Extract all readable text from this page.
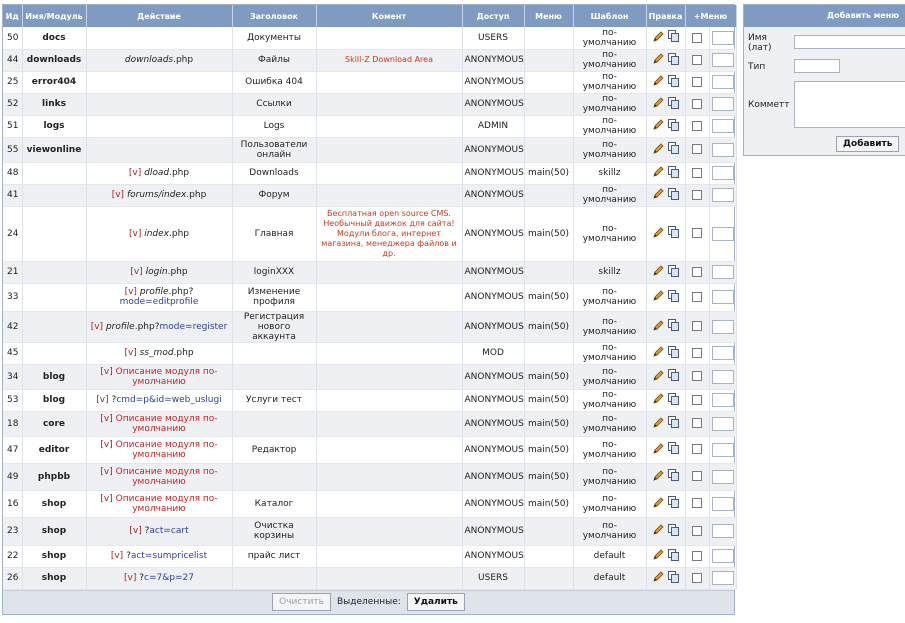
Ид	Имя/Модуль	Действие	Заголовок	Комент	Доступ	Меню	Шаблон	Правка	+Меню	
50	docs		Документы		USERS		по-умолчанию	

44	downloads	downloads.php	Файлы	Skill-Z Download Area	ANONYMOUS		по-умолчанию	

25	error404		Ошибка 404		ANONYMOUS		по-умолчанию	

52	links		Ссылки		ANONYMOUS		по-умолчанию	

51	logs		Logs		ADMIN		по-умолчанию	

55	viewonline		Пользователи онлайн		ANONYMOUS		по-умолчанию	

48		[v] dload.php	Downloads		ANONYMOUS	main(50)	skillz	

41		[v] forums/index.php	Форум		ANONYMOUS		по-умолчанию	

24		[v] index.php	Главная	Бесплатная open source CMS. Необычный движок для сайта! Модули блога, интернет магазина, менеджера файлов и др.	ANONYMOUS	main(50)	по-умолчанию	

21		[v] login.php	loginXXX		ANONYMOUS		skillz	

33		[v] profile.php?mode=editprofile	Изменение профиля		ANONYMOUS	main(50)	по-умолчанию	

42		[v] profile.php?mode=register	Регистрация нового аккаунта		ANONYMOUS	main(50)	по-умолчанию	

45		[v] ss_mod.php			MOD		по-умолчанию	

34	blog	[v] Описание модуля по-умолчанию			ANONYMOUS	main(50)	по-умолчанию	

53	blog	[v] ?cmd=p&id=web_uslugi	Услуги тест		ANONYMOUS	main(50)	по-умолчанию	

18	core	[v] Описание модуля по-умолчанию			ANONYMOUS	main(50)	по-умолчанию	

47	editor	[v] Описание модуля по-умолчанию	Редактор		ANONYMOUS	main(50)	по-умолчанию	

49	phpbb	[v] Описание модуля по-умолчанию			ANONYMOUS	main(50)	по-умолчанию	

16	shop	[v] Описание модуля по-умолчанию	Каталог		ANONYMOUS	main(50)	по-умолчанию	

23	shop	[v] ?act=cart	Очистка корзины		ANONYMOUS		по-умолчанию	

22	shop	[v] ?act=sumpricelist	прайс лист		ANONYMOUS		default	

26	shop	[v] ?c=7&p=27			USERS		default	

Очистить	Выделенные:	Удалить
Добавить меню
Имя (лат)
Тип
Комметт
Добавить
